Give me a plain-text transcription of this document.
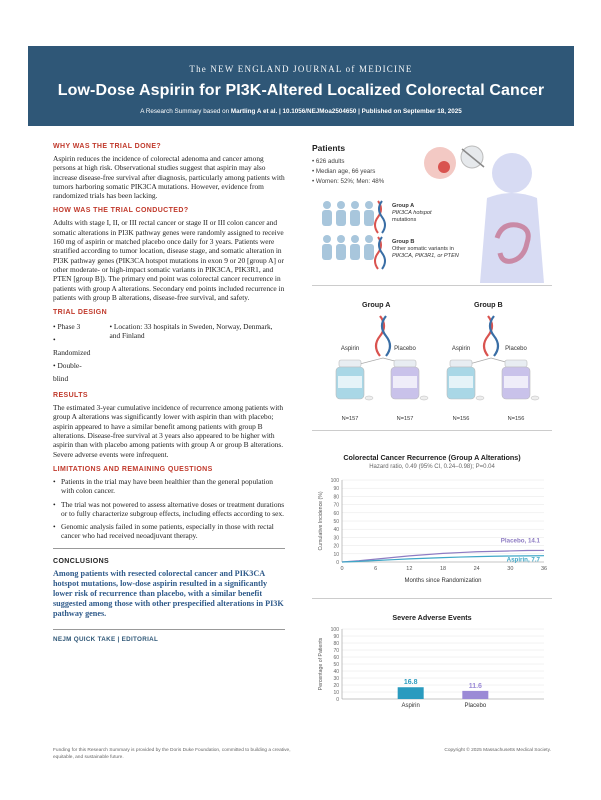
The NEW ENGLAND JOURNAL of MEDICINE
Low-Dose Aspirin for PI3K-Altered Localized Colorectal Cancer
A Research Summary based on Martling A et al. | 10.1056/NEJMoa2504650 | Published on September 18, 2025
WHY WAS THE TRIAL DONE?
Aspirin reduces the incidence of colorectal adenoma and cancer among persons at high risk. Observational studies suggest that aspirin may also increase disease-free survival after diagnosis, particularly among patients with tumors harboring somatic PIK3CA mutations. However, evidence from randomized trials has been lacking.
HOW WAS THE TRIAL CONDUCTED?
Adults with stage I, II, or III rectal cancer or stage II or III colon cancer and somatic alterations in PI3K pathway genes were randomly assigned to receive 160 mg of aspirin or matched placebo once daily for 3 years. Patients were stratified according to tumor location, disease stage, and somatic alteration in PI3K pathway genes (PIK3CA hotspot mutations in exon 9 or 20 [group A] or other moderate- or high-impact somatic variants in PIK3CA, PIK3R1, and PTEN [group B]). The primary end point was colorectal cancer recurrence in patients with group A alterations. Secondary end points included recurrence in patients with group B alterations, disease-free survival, and safety.
TRIAL DESIGN
• Phase 3
• Randomized
• Double-blind
• Location: 33 hospitals in Sweden, Norway, Denmark, and Finland
RESULTS
The estimated 3-year cumulative incidence of recurrence among patients with group A alterations was significantly lower with aspirin than with placebo; aspirin appeared to have a similar benefit among patients with group B alterations. Disease-free survival at 3 years also appeared to be higher with aspirin than with placebo among patients with group A or group B alterations. Severe adverse events were infrequent.
LIMITATIONS AND REMAINING QUESTIONS
• Patients in the trial may have been healthier than the general population with colon cancer.
• The trial was not powered to assess alternative doses or treatment durations or to fully characterize subgroup effects, including effects according to sex.
• Genomic analysis failed in some patients, especially in those with rectal cancer who had received neoadjuvant therapy.
CONCLUSIONS
Among patients with resected colorectal cancer and PIK3CA hotspot mutations, low-dose aspirin resulted in a significantly lower risk of recurrence than placebo, with a similar benefit suggested among those with other prespecified alterations in PI3K pathway genes.
NEJM QUICK TAKE | EDITORIAL
Patients
• 626 adults
• Median age, 66 years
• Women: 52%; Men: 48%
Group A
PIK3CA hotspot
mutations
Group B
Other somatic variants in
PIK3CA, PIK3R1, or PTEN
Group A	Group B
Aspirin
N=157
Placebo
N=157
Aspirin
N=156
Placebo
N=156
Colorectal Cancer Recurrence (Group A Alterations)
Hazard ratio, 0.49 (95% CI, 0.24–0.98); P=0.04
0
10
20
30
40
50
60
70
80
90
100
0	6	12	18	24	30	36
Months since Randomization
Cumulative Incidence (%)	Placebo, 14.1
Aspirin, 7.7
Severe Adverse Events
0
10
20
30
40
50
60
70
80
90
100
Percentage of Patients	16.8
Aspirin
11.6
Placebo
Funding for this Research Summary is provided by the Doris Duke Foundation, committed to building a creative, equitable, and sustainable future.
Copyright © 2025 Massachusetts Medical Society.
